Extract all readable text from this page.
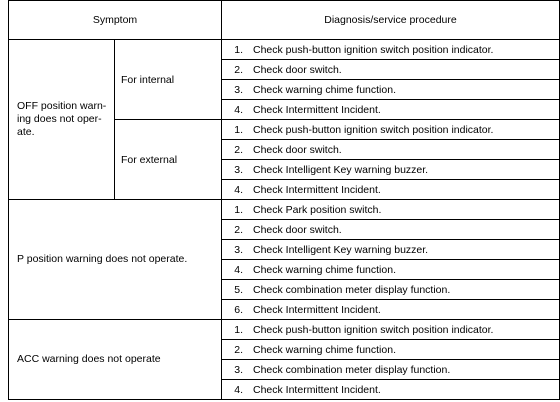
Symptom		Diagnosis/service procedure
OFF position warn-
ing does not oper-
ate.	For internal	1. Check push-button ignition switch position indicator.
		2. Check door switch.
		3. Check warning chime function.
		4. Check Intermittent Incident.
	For external	1. Check push-button ignition switch position indicator.
		2. Check door switch.
		3. Check Intelligent Key warning buzzer.
		4. Check Intermittent Incident.
P position warning does not operate.		1. Check Park position switch.
		2. Check door switch.
		3. Check Intelligent Key warning buzzer.
		4. Check warning chime function.
		5. Check combination meter display function.
		6. Check Intermittent Incident.
ACC warning does not operate		1. Check push-button ignition switch position indicator.
		2. Check warning chime function.
		3. Check combination meter display function.
		4. Check Intermittent Incident.
